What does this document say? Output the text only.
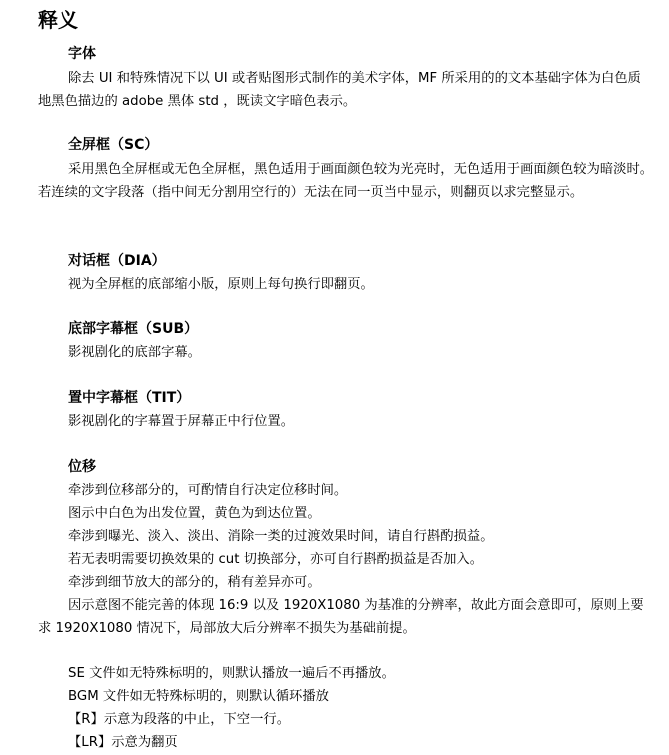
释义
字体
除去 UI 和特殊情况下以 UI 或者贴图形式制作的美术字体，MF 所采用的的文本基础字体为白色质地黑色描边的 adobe 黑体 std ，既读文字暗色表示。
全屏框（SC）
采用黑色全屏框或无色全屏框，黑色适用于画面颜色较为光亮时，无色适用于画面颜色较为暗淡时。若连续的文字段落（指中间无分割用空行的）无法在同一页当中显示，则翻页以求完整显示。
对话框（DIA）
视为全屏框的底部缩小版，原则上每句换行即翻页。
底部字幕框（SUB）
影视剧化的底部字幕。
置中字幕框（TIT）
影视剧化的字幕置于屏幕正中行位置。
位移
牵涉到位移部分的，可酌情自行决定位移时间。
图示中白色为出发位置，黄色为到达位置。
牵涉到曝光、淡入、淡出、消除一类的过渡效果时间，请自行斟酌损益。
若无表明需要切换效果的 cut 切换部分，亦可自行斟酌损益是否加入。
牵涉到细节放大的部分的，稍有差异亦可。
因示意图不能完善的体现 16:9 以及 1920X1080 为基准的分辨率，故此方面会意即可，原则上要求 1920X1080 情况下，局部放大后分辨率不损失为基础前提。
SE 文件如无特殊标明的，则默认播放一遍后不再播放。
BGM 文件如无特殊标明的，则默认循环播放
【R】示意为段落的中止，下空一行。
【LR】示意为翻页
